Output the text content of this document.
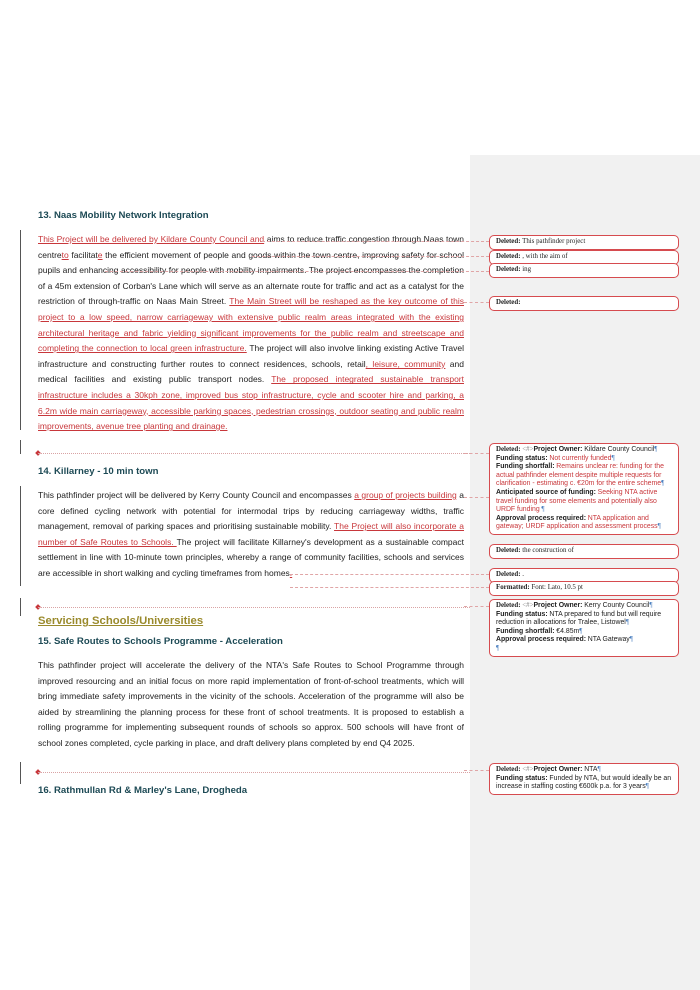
13. Naas Mobility Network Integration

This Project will be delivered by Kildare County Council and aims to reduce traffic congestion through Naas town centreto facilitate the efficient movement of people and goods within the town centre, improving safety for school pupils and enhancing accessibility for people with mobility impairments. The project encompasses the completion of a 45m extension of Corban's Lane which will serve as an alternate route for traffic and act as a catalyst for the restriction of through-traffic on Naas Main Street. The Main Street will be reshaped as the key outcome of this project to a low speed, narrow carriageway with extensive public realm areas integrated with the existing architectural heritage and fabric yielding significant improvements for the public realm and streetscape and completing the connection to local green infrastructure. The project will also involve linking existing Active Travel infrastructure and constructing further routes to connect residences, schools, retail, leisure, community and medical facilities and existing public transport nodes. The proposed integrated sustainable transport infrastructure includes a 30kph zone, improved bus stop infrastructure, cycle and scooter hire and parking, a 6.2m wide main carriageway, accessible parking spaces, pedestrian crossings, outdoor seating and public realm improvements, avenue tree planting and drainage.

14. Killarney - 10 min town

This pathfinder project will be delivered by Kerry County Council and encompasses a group of projects building a core defined cycling network with potential for intermodal trips by reducing carriageway widths, traffic management, removal of parking spaces and prioritising sustainable mobility. The Project will also incorporate a number of Safe Routes to Schools. The project will facilitate Killarney's development as a sustainable compact settlement in line with 10-minute town principles, whereby a range of community facilities, schools and services are accessible in short walking and cycling timeframes from homes.

Servicing Schools/Universities
15. Safe Routes to Schools Programme - Acceleration

This pathfinder project will accelerate the delivery of the NTA's Safe Routes to School Programme through improved resourcing and an initial focus on more rapid implementation of front-of-school treatments, which will bring immediate safety improvements in the vicinity of the schools. Acceleration of the programme will also be aided by streamlining the planning process for these front of school treatments. It is proposed to establish a rolling programme for implementing subsequent rounds of schools so approx. 500 schools will have front of school zones completed, cycle parking in place, and draft delivery plans completed by end Q4 2025.

16. Rathmullan Rd & Marley's Lane, Drogheda
Deleted: This pathfinder project
Deleted: , with the aim of
Deleted: ing
Deleted:
Deleted: <#>Project Owner: Kildare County Council¶
Funding status: Not currently funded¶
Funding shortfall: Remains unclear re: funding for the actual pathfinder element despite multiple requests for clarification - estimating c. €20m for the entire scheme¶
Anticipated source of funding: Seeking NTA active travel funding for some elements and potentially also URDF funding ¶
Approval process required: NTA application and gateway; URDF application and assessment process¶
Deleted: the construction of
Deleted: .
Formatted: Font: Lato, 10.5 pt
Deleted: <#>Project Owner: Kerry County Council¶
Funding status: NTA prepared to fund but will require reduction in allocations for Tralee, Listowel¶
Funding shortfall: €4.85m¶
Approval process required: NTA Gateway¶
¶
Deleted: <#>Project Owner: NTA¶
Funding status: Funded by NTA, but would ideally be an increase in staffing costing €600k p.a. for 3 years¶
